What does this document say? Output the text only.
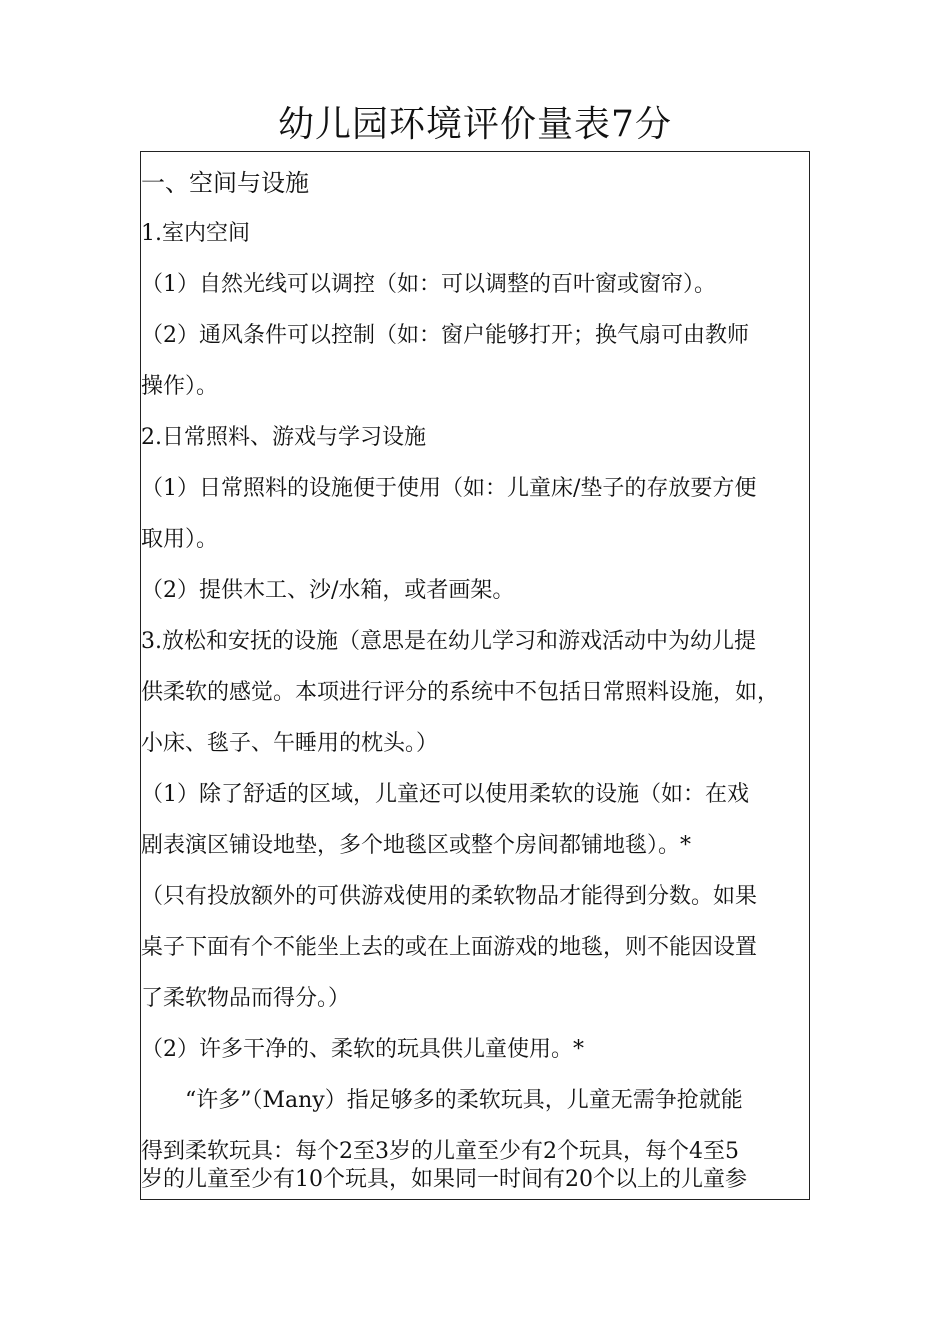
幼儿园环境评价量表7分
一、空间与设施
1.室内空间
（1）自然光线可以调控（如：可以调整的百叶窗或窗帘）。
（2）通风条件可以控制（如：窗户能够打开；换气扇可由教师
操作）。
2.日常照料、游戏与学习设施
（1）日常照料的设施便于使用（如：儿童床/垫子的存放要方便
取用）。
（2）提供木工、沙/水箱，或者画架。
3.放松和安抚的设施（意思是在幼儿学习和游戏活动中为幼儿提
供柔软的感觉。本项进行评分的系统中不包括日常照料设施，如，
小床、毯子、午睡用的枕头。）
（1）除了舒适的区域，儿童还可以使用柔软的设施（如：在戏
剧表演区铺设地垫，多个地毯区或整个房间都铺地毯）。*
（只有投放额外的可供游戏使用的柔软物品才能得到分数。如果
桌子下面有个不能坐上去的或在上面游戏的地毯，则不能因设置
了柔软物品而得分。）
（2）许多干净的、柔软的玩具供儿童使用。*
“许多”（Many）指足够多的柔软玩具，儿童无需争抢就能
得到柔软玩具：每个2至3岁的儿童至少有2个玩具，每个4至5
岁的儿童至少有10个玩具，如果同一时间有20个以上的儿童参
